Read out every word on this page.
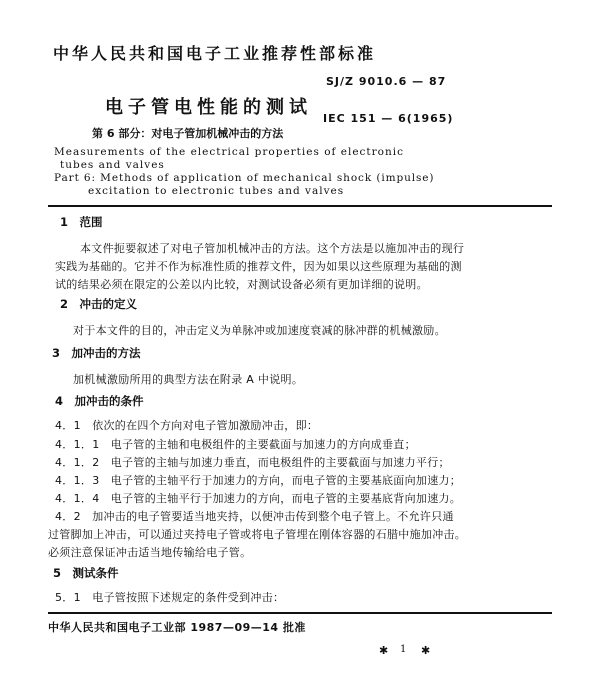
中华人民共和国电子工业推荐性部标准
SJ/Z 9010.6 — 87
电子管电性能的测试
第 6 部分：对电子管加机械冲击的方法
IEC 151 — 6(1965)
Measurements of the electrical properties of electronic
tubes and valves
Part 6: Methods of application of mechanical shock (impulse)
excitation to electronic tubes and valves
1　范围
本文件扼要叙述了对电子管加机械冲击的方法。这个方法是以施加冲击的现行
实践为基础的。它并不作为标准性质的推荐文件，因为如果以这些原理为基础的测
试的结果必须在限定的公差以内比较，对测试设备必须有更加详细的说明。
2　冲击的定义
对于本文件的目的，冲击定义为单脉冲或加速度衰减的脉冲群的机械激励。
3　加冲击的方法
加机械激励所用的典型方法在附录 A 中说明。
4　加冲击的条件
4．1　依次的在四个方向对电子管加激励冲击，即：
4．1．1　电子管的主轴和电极组件的主要截面与加速力的方向成垂直；
4．1．2　电子管的主轴与加速力垂直，而电极组件的主要截面与加速力平行；
4．1．3　电子管的主轴平行于加速力的方向，而电子管的主要基底面向加速力；
4．1．4　电子管的主轴平行于加速力的方向，而电子管的主要基底背向加速力。
4．2　加冲击的电子管要适当地夹持，以便冲击传到整个电子管上。不允许只通
过管脚加上冲击，可以通过夹持电子管或将电子管埋在刚体容器的石腊中施加冲击。
必须注意保证冲击适当地传输给电子管。
5　测试条件
5．1　电子管按照下述规定的条件受到冲击：
中华人民共和国电子工业部 1987—09—14 批准
✱ 1 ✱
